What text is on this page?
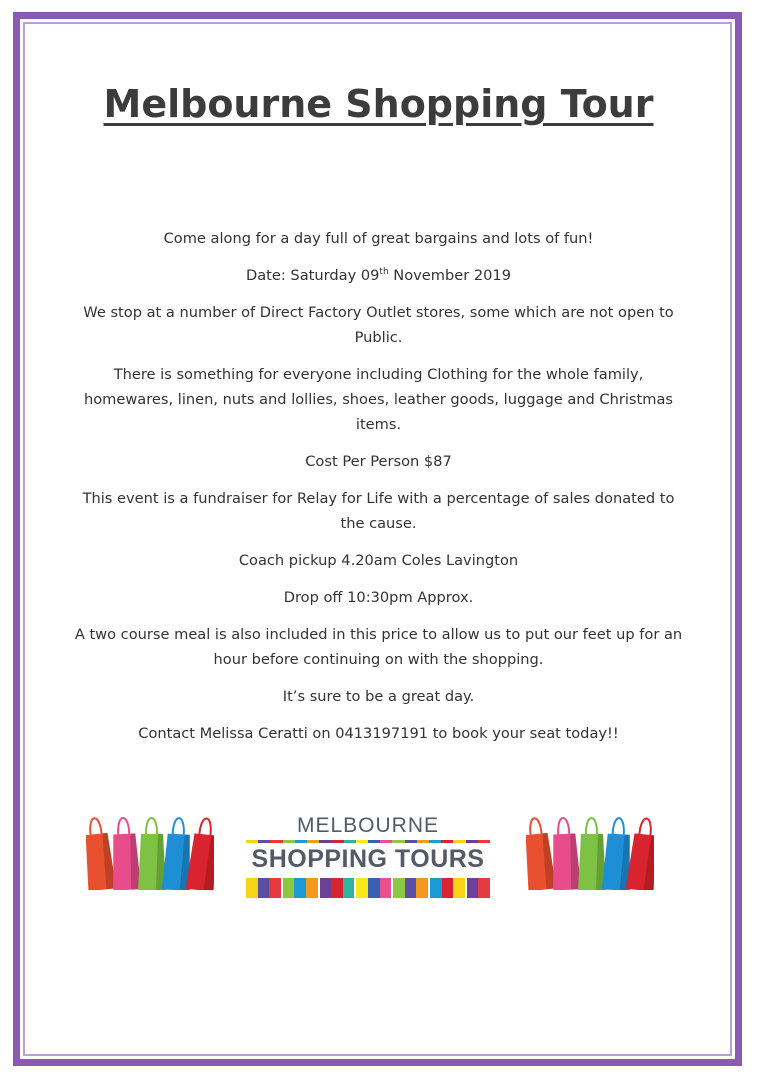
Melbourne Shopping Tour

Come along for a day full of great bargains and lots of fun!

Date: Saturday 09th November 2019

We stop at a number of Direct Factory Outlet stores, some which are not open to Public.

There is something for everyone including Clothing for the whole family, homewares, linen, nuts and lollies, shoes, leather goods, luggage and Christmas items.

Cost Per Person $87

This event is a fundraiser for Relay for Life with a percentage of sales donated to the cause.

Coach pickup 4.20am Coles Lavington

Drop off 10:30pm Approx.

A two course meal is also included in this price to allow us to put our feet up for an hour before continuing on with the shopping.

It’s sure to be a great day.

Contact Melissa Ceratti on 0413197191 to book your seat today!!

MELBOURNE
SHOPPING TOURS
